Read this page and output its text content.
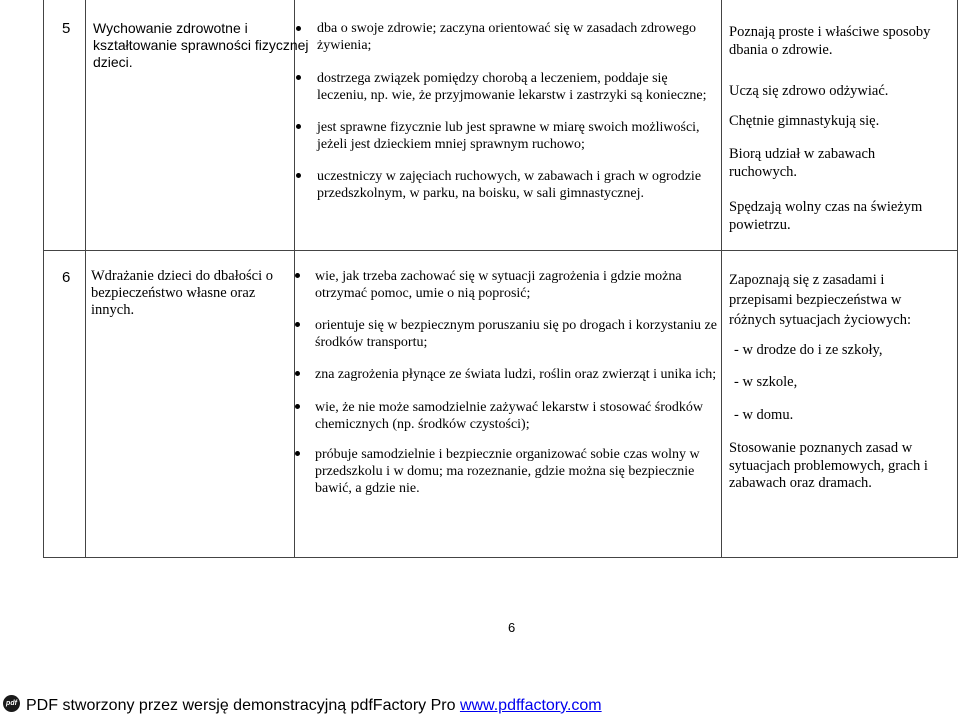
5 Wychowanie zdrowotne i
kształtowanie sprawności fizycznej
dzieci.
dba o swoje zdrowie; zaczyna orientować się w zasadach zdrowego
żywienia;
dostrzega związek pomiędzy chorobą a leczeniem, poddaje się
leczeniu, np. wie, że przyjmowanie lekarstw i zastrzyki są konieczne;
jest sprawne fizycznie lub jest sprawne w miarę swoich możliwości,
jeżeli jest dzieckiem mniej sprawnym ruchowo;
uczestniczy w zajęciach ruchowych, w zabawach i grach w ogrodzie
przedszkolnym, w parku, na boisku, w sali gimnastycznej.
Poznają proste i właściwe sposoby
dbania o zdrowie.
Uczą się zdrowo odżywiać.
Chętnie gimnastykują się.
Biorą udział w zabawach
ruchowych.
Spędzają wolny czas na świeżym
powietrzu.
6 Wdrażanie dzieci do dbałości o
bezpieczeństwo własne oraz
innych.
wie, jak trzeba zachować się w sytuacji zagrożenia i gdzie można
otrzymać pomoc, umie o nią poprosić;
orientuje się w bezpiecznym poruszaniu się po drogach i korzystaniu ze
środków transportu;
zna zagrożenia płynące ze świata ludzi, roślin oraz zwierząt i unika ich;
wie, że nie może samodzielnie zażywać lekarstw i stosować środków
chemicznych (np. środków czystości);
próbuje samodzielnie i bezpiecznie organizować sobie czas wolny w
przedszkolu i w domu; ma rozeznanie, gdzie można się bezpiecznie
bawić, a gdzie nie.
Zapoznają się z zasadami i
przepisami bezpieczeństwa w
różnych sytuacjach życiowych:
- w drodze do i ze szkoły,
- w szkole,
- w domu.
Stosowanie poznanych zasad w
sytuacjach problemowych, grach i
zabawach oraz dramach.
6
pdf PDF stworzony przez wersję demonstracyjną pdfFactory Pro www.pdffactory.com
